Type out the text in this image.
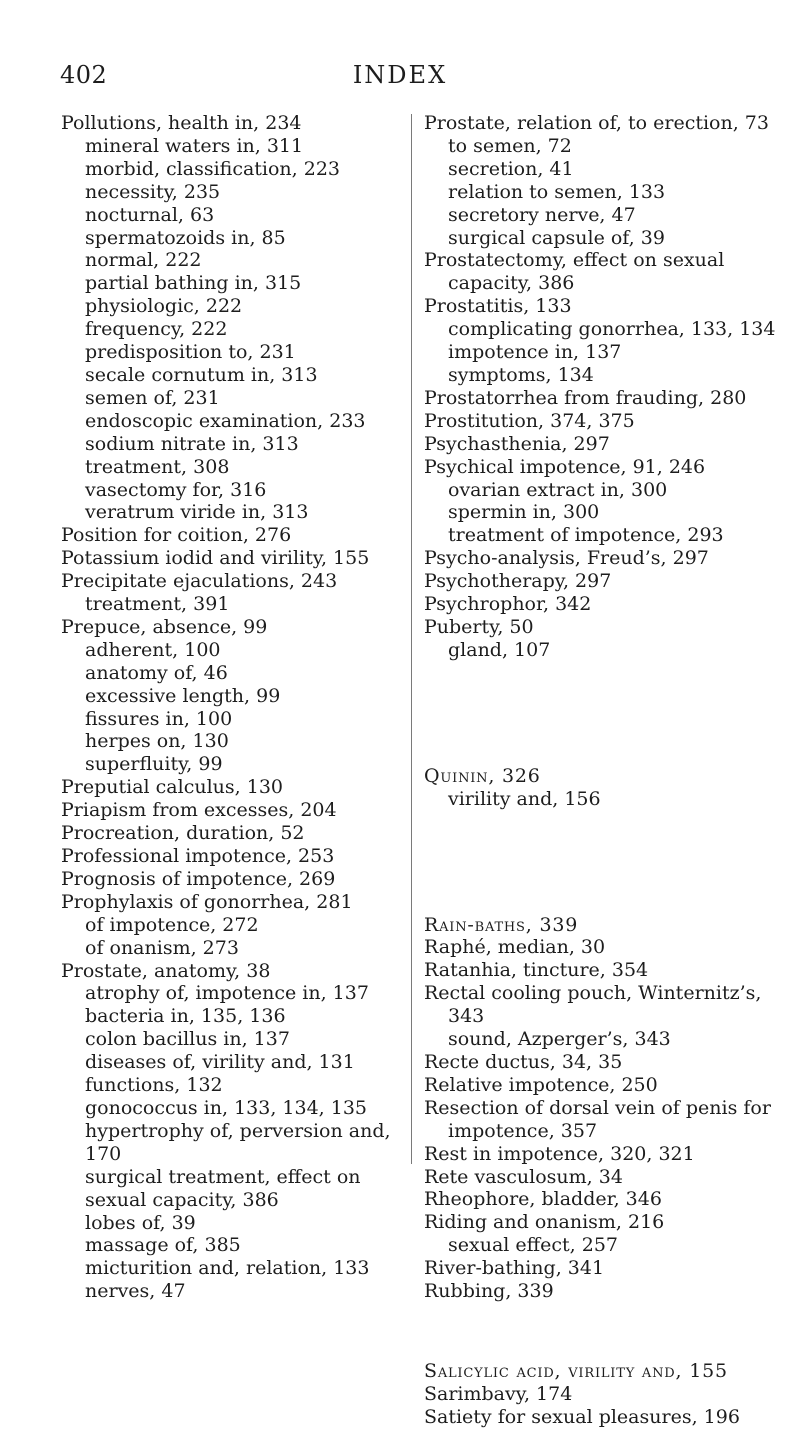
402	INDEX
Pollutions, health in, 234
mineral waters in, 311
morbid, classification, 223
necessity, 235
nocturnal, 63
spermatozoids in, 85
normal, 222
partial bathing in, 315
physiologic, 222
frequency, 222
predisposition to, 231
secale cornutum in, 313
semen of, 231
endoscopic examination, 233
sodium nitrate in, 313
treatment, 308
vasectomy for, 316
veratrum viride in, 313
Position for coition, 276
Potassium iodid and virility, 155
Precipitate ejaculations, 243
treatment, 391
Prepuce, absence, 99
adherent, 100
anatomy of, 46
excessive length, 99
fissures in, 100
herpes on, 130
superfluity, 99
Preputial calculus, 130
Priapism from excesses, 204
Procreation, duration, 52
Professional impotence, 253
Prognosis of impotence, 269
Prophylaxis of gonorrhea, 281
of impotence, 272
of onanism, 273
Prostate, anatomy, 38
atrophy of, impotence in, 137
bacteria in, 135, 136
colon bacillus in, 137
diseases of, virility and, 131
functions, 132
gonococcus in, 133, 134, 135
hypertrophy of, perversion and,
170
surgical treatment, effect on
sexual capacity, 386
lobes of, 39
massage of, 385
micturition and, relation, 133
nerves, 47
Prostate, relation of, to erection, 73
to semen, 72
secretion, 41
relation to semen, 133
secretory nerve, 47
surgical capsule of, 39
Prostatectomy, effect on sexual
capacity, 386
Prostatitis, 133
complicating gonorrhea, 133, 134
impotence in, 137
symptoms, 134
Prostatorrhea from frauding, 280
Prostitution, 374, 375
Psychasthenia, 297
Psychical impotence, 91, 246
ovarian extract in, 300
spermin in, 300
treatment of impotence, 293
Psycho-analysis, Freud’s, 297
Psychotherapy, 297
Psychrophor, 342
Puberty, 50
gland, 107
Quinin, 326
virility and, 156
Rain-baths, 339
Raphé, median, 30
Ratanhia, tincture, 354
Rectal cooling pouch, Winternitz’s,
343
sound, Azperger’s, 343
Recte ductus, 34, 35
Relative impotence, 250
Resection of dorsal vein of penis for
impotence, 357
Rest in impotence, 320, 321
Rete vasculosum, 34
Rheophore, bladder, 346
Riding and onanism, 216
sexual effect, 257
River-bathing, 341
Rubbing, 339
Salicylic acid, virility and, 155
Sarimbavy, 174
Satiety for sexual pleasures, 196
